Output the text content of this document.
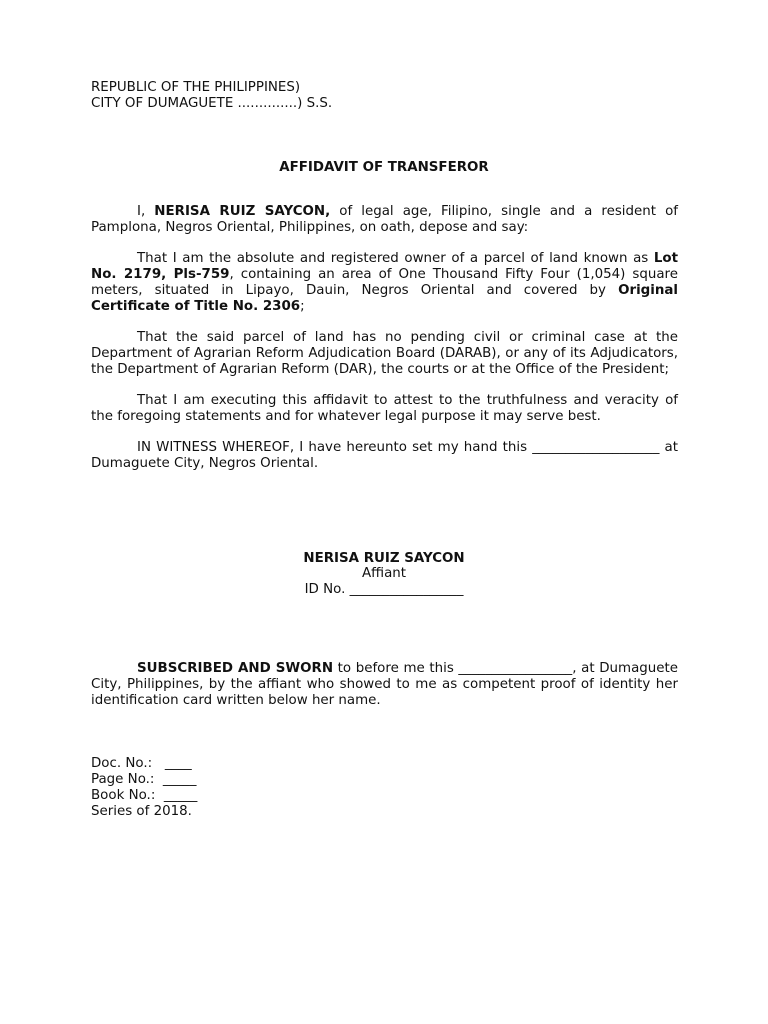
REPUBLIC OF THE PHILIPPINES)
CITY OF DUMAGUETE ..............) S.S.
AFFIDAVIT OF TRANSFEROR

I, NERISA RUIZ SAYCON, of legal age, Filipino, single and a resident of Pamplona, Negros Oriental, Philippines, on oath, depose and say:

That I am the absolute and registered owner of a parcel of land known as Lot No. 2179, Pls-759, containing an area of One Thousand Fifty Four (1,054) square meters, situated in Lipayo, Dauin, Negros Oriental and covered by Original Certificate of Title No. 2306;

That the said parcel of land has no pending civil or criminal case at the Department of Agrarian Reform Adjudication Board (DARAB), or any of its Adjudicators, the Department of Agrarian Reform (DAR), the courts or at the Office of the President;

That I am executing this affidavit to attest to the truthfulness and veracity of the foregoing statements and for whatever legal purpose it may serve best.

IN WITNESS WHEREOF, I have hereunto set my hand this ___________________ at Dumaguete City, Negros Oriental.

NERISA RUIZ SAYCON
Affiant
ID No. _________________

SUBSCRIBED AND SWORN to before me this _________________, at Dumaguete City, Philippines, by the affiant who showed to me as competent proof of identity her identification card written below her name.

Doc. No.:   ____
Page No.:  _____
Book No.:  _____
Series of 2018.
